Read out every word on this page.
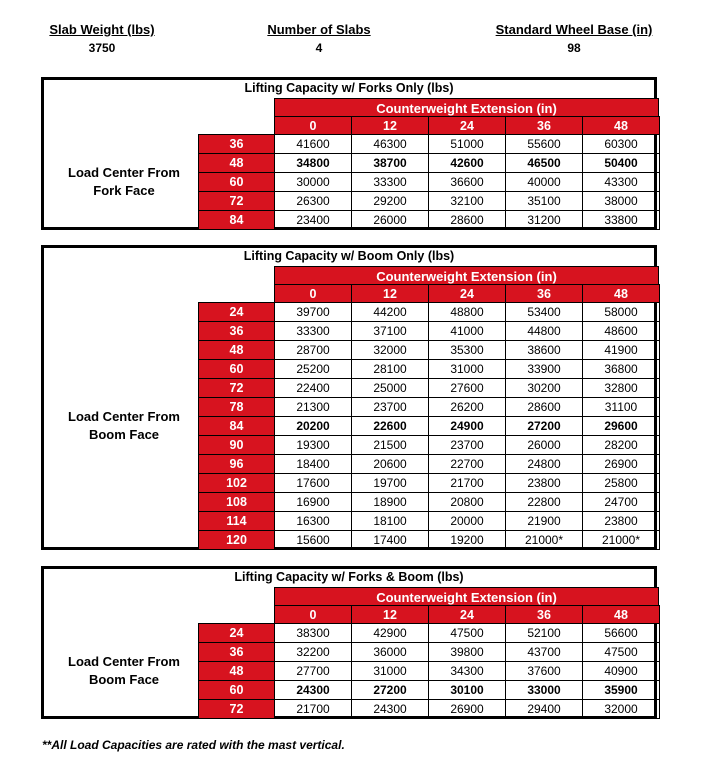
Slab Weight (lbs)
3750
Number of Slabs
4
Standard Wheel Base (in)
98
Lifting Capacity w/ Forks Only (lbs)
Counterweight Extension (in)
	0	12	24	36	48
36	41600	46300	51000	55600	60300
48	34800	38700	42600	46500	50400
60	30000	33300	36600	40000	43300
72	26300	29200	32100	35100	38000
84	23400	26000	28600	31200	33800
Load Center From
Fork Face
Lifting Capacity w/ Boom Only (lbs)
Counterweight Extension (in)
	0	12	24	36	48
24	39700	44200	48800	53400	58000
36	33300	37100	41000	44800	48600
48	28700	32000	35300	38600	41900
60	25200	28100	31000	33900	36800
72	22400	25000	27600	30200	32800
78	21300	23700	26200	28600	31100
84	20200	22600	24900	27200	29600
90	19300	21500	23700	26000	28200
96	18400	20600	22700	24800	26900
102	17600	19700	21700	23800	25800
108	16900	18900	20800	22800	24700
114	16300	18100	20000	21900	23800
120	15600	17400	19200	21000*	21000*
Load Center From
Boom Face
Lifting Capacity w/ Forks & Boom (lbs)
Counterweight Extension (in)
	0	12	24	36	48
24	38300	42900	47500	52100	56600
36	32200	36000	39800	43700	47500
48	27700	31000	34300	37600	40900
60	24300	27200	30100	33000	35900
72	21700	24300	26900	29400	32000
Load Center From
Boom Face
**All Load Capacities are rated with the mast vertical.
